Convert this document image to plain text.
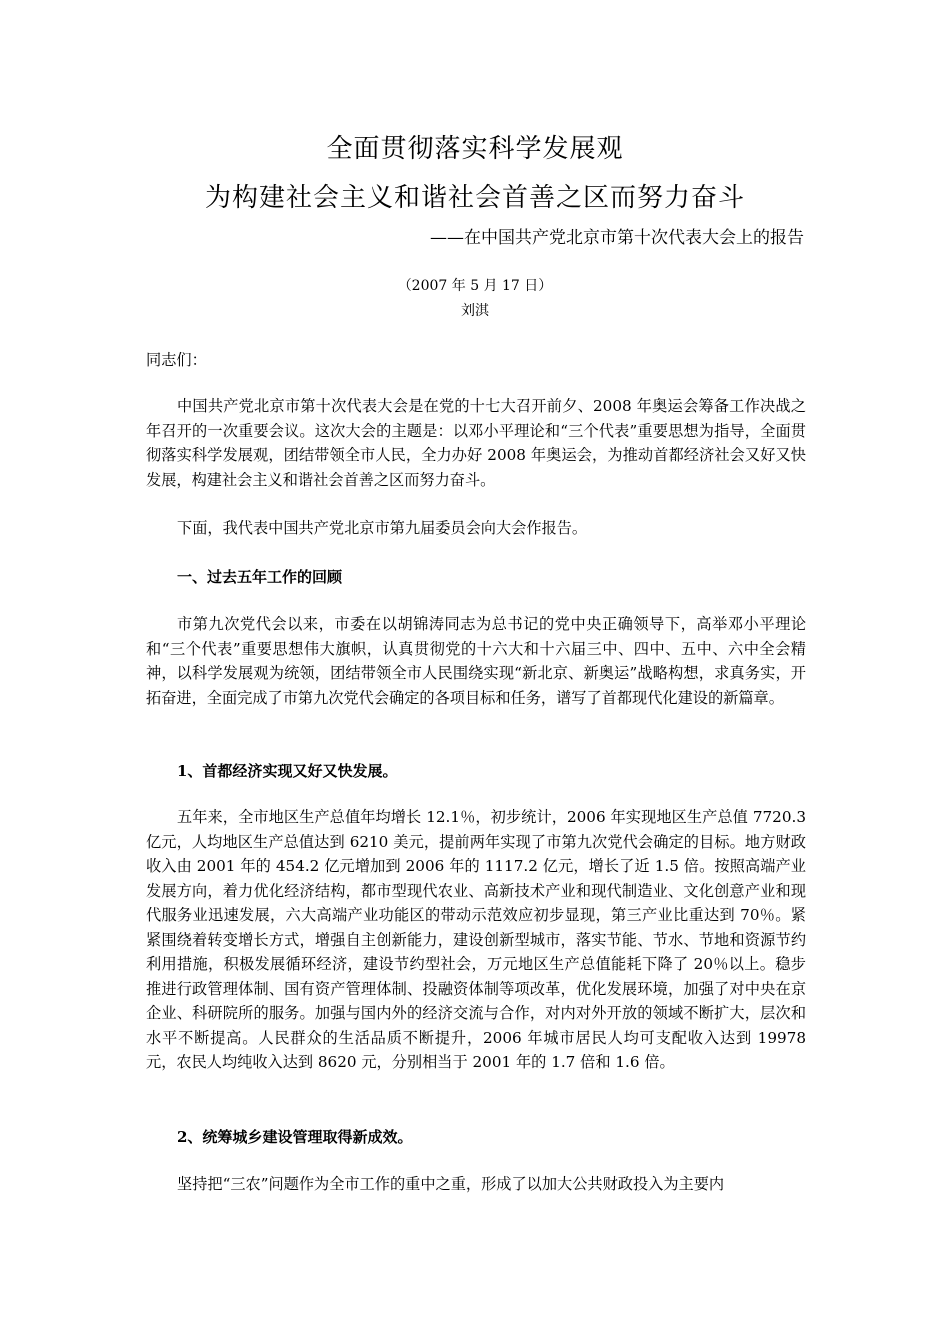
全面贯彻落实科学发展观
为构建社会主义和谐社会首善之区而努力奋斗
——在中国共产党北京市第十次代表大会上的报告
（2007 年 5 月 17 日）
刘淇
同志们：
中国共产党北京市第十次代表大会是在党的十七大召开前夕、2008 年奥运会筹备工作决战之年召开的一次重要会议。这次大会的主题是：以邓小平理论和“三个代表”重要思想为指导，全面贯彻落实科学发展观，团结带领全市人民，全力办好 2008 年奥运会，为推动首都经济社会又好又快发展，构建社会主义和谐社会首善之区而努力奋斗。
下面，我代表中国共产党北京市第九届委员会向大会作报告。
一、过去五年工作的回顾
市第九次党代会以来，市委在以胡锦涛同志为总书记的党中央正确领导下，高举邓小平理论和“三个代表”重要思想伟大旗帜，认真贯彻党的十六大和十六届三中、四中、五中、六中全会精神，以科学发展观为统领，团结带领全市人民围绕实现“新北京、新奥运”战略构想，求真务实，开拓奋进，全面完成了市第九次党代会确定的各项目标和任务，谱写了首都现代化建设的新篇章。
1、首都经济实现又好又快发展。
五年来，全市地区生产总值年均增长 12.1％，初步统计，2006 年实现地区生产总值 7720.3 亿元，人均地区生产总值达到 6210 美元，提前两年实现了市第九次党代会确定的目标。地方财政收入由 2001 年的 454.2 亿元增加到 2006 年的 1117.2 亿元，增长了近 1.5 倍。按照高端产业发展方向，着力优化经济结构，都市型现代农业、高新技术产业和现代制造业、文化创意产业和现代服务业迅速发展，六大高端产业功能区的带动示范效应初步显现，第三产业比重达到 70％。紧紧围绕着转变增长方式，增强自主创新能力，建设创新型城市，落实节能、节水、节地和资源节约利用措施，积极发展循环经济，建设节约型社会，万元地区生产总值能耗下降了 20％以上。稳步推进行政管理体制、国有资产管理体制、投融资体制等项改革，优化发展环境，加强了对中央在京企业、科研院所的服务。加强与国内外的经济交流与合作，对内对外开放的领域不断扩大，层次和水平不断提高。人民群众的生活品质不断提升，2006 年城市居民人均可支配收入达到 19978 元，农民人均纯收入达到 8620 元，分别相当于 2001 年的 1.7 倍和 1.6 倍。
2、统筹城乡建设管理取得新成效。
坚持把“三农”问题作为全市工作的重中之重，形成了以加大公共财政投入为主要内
